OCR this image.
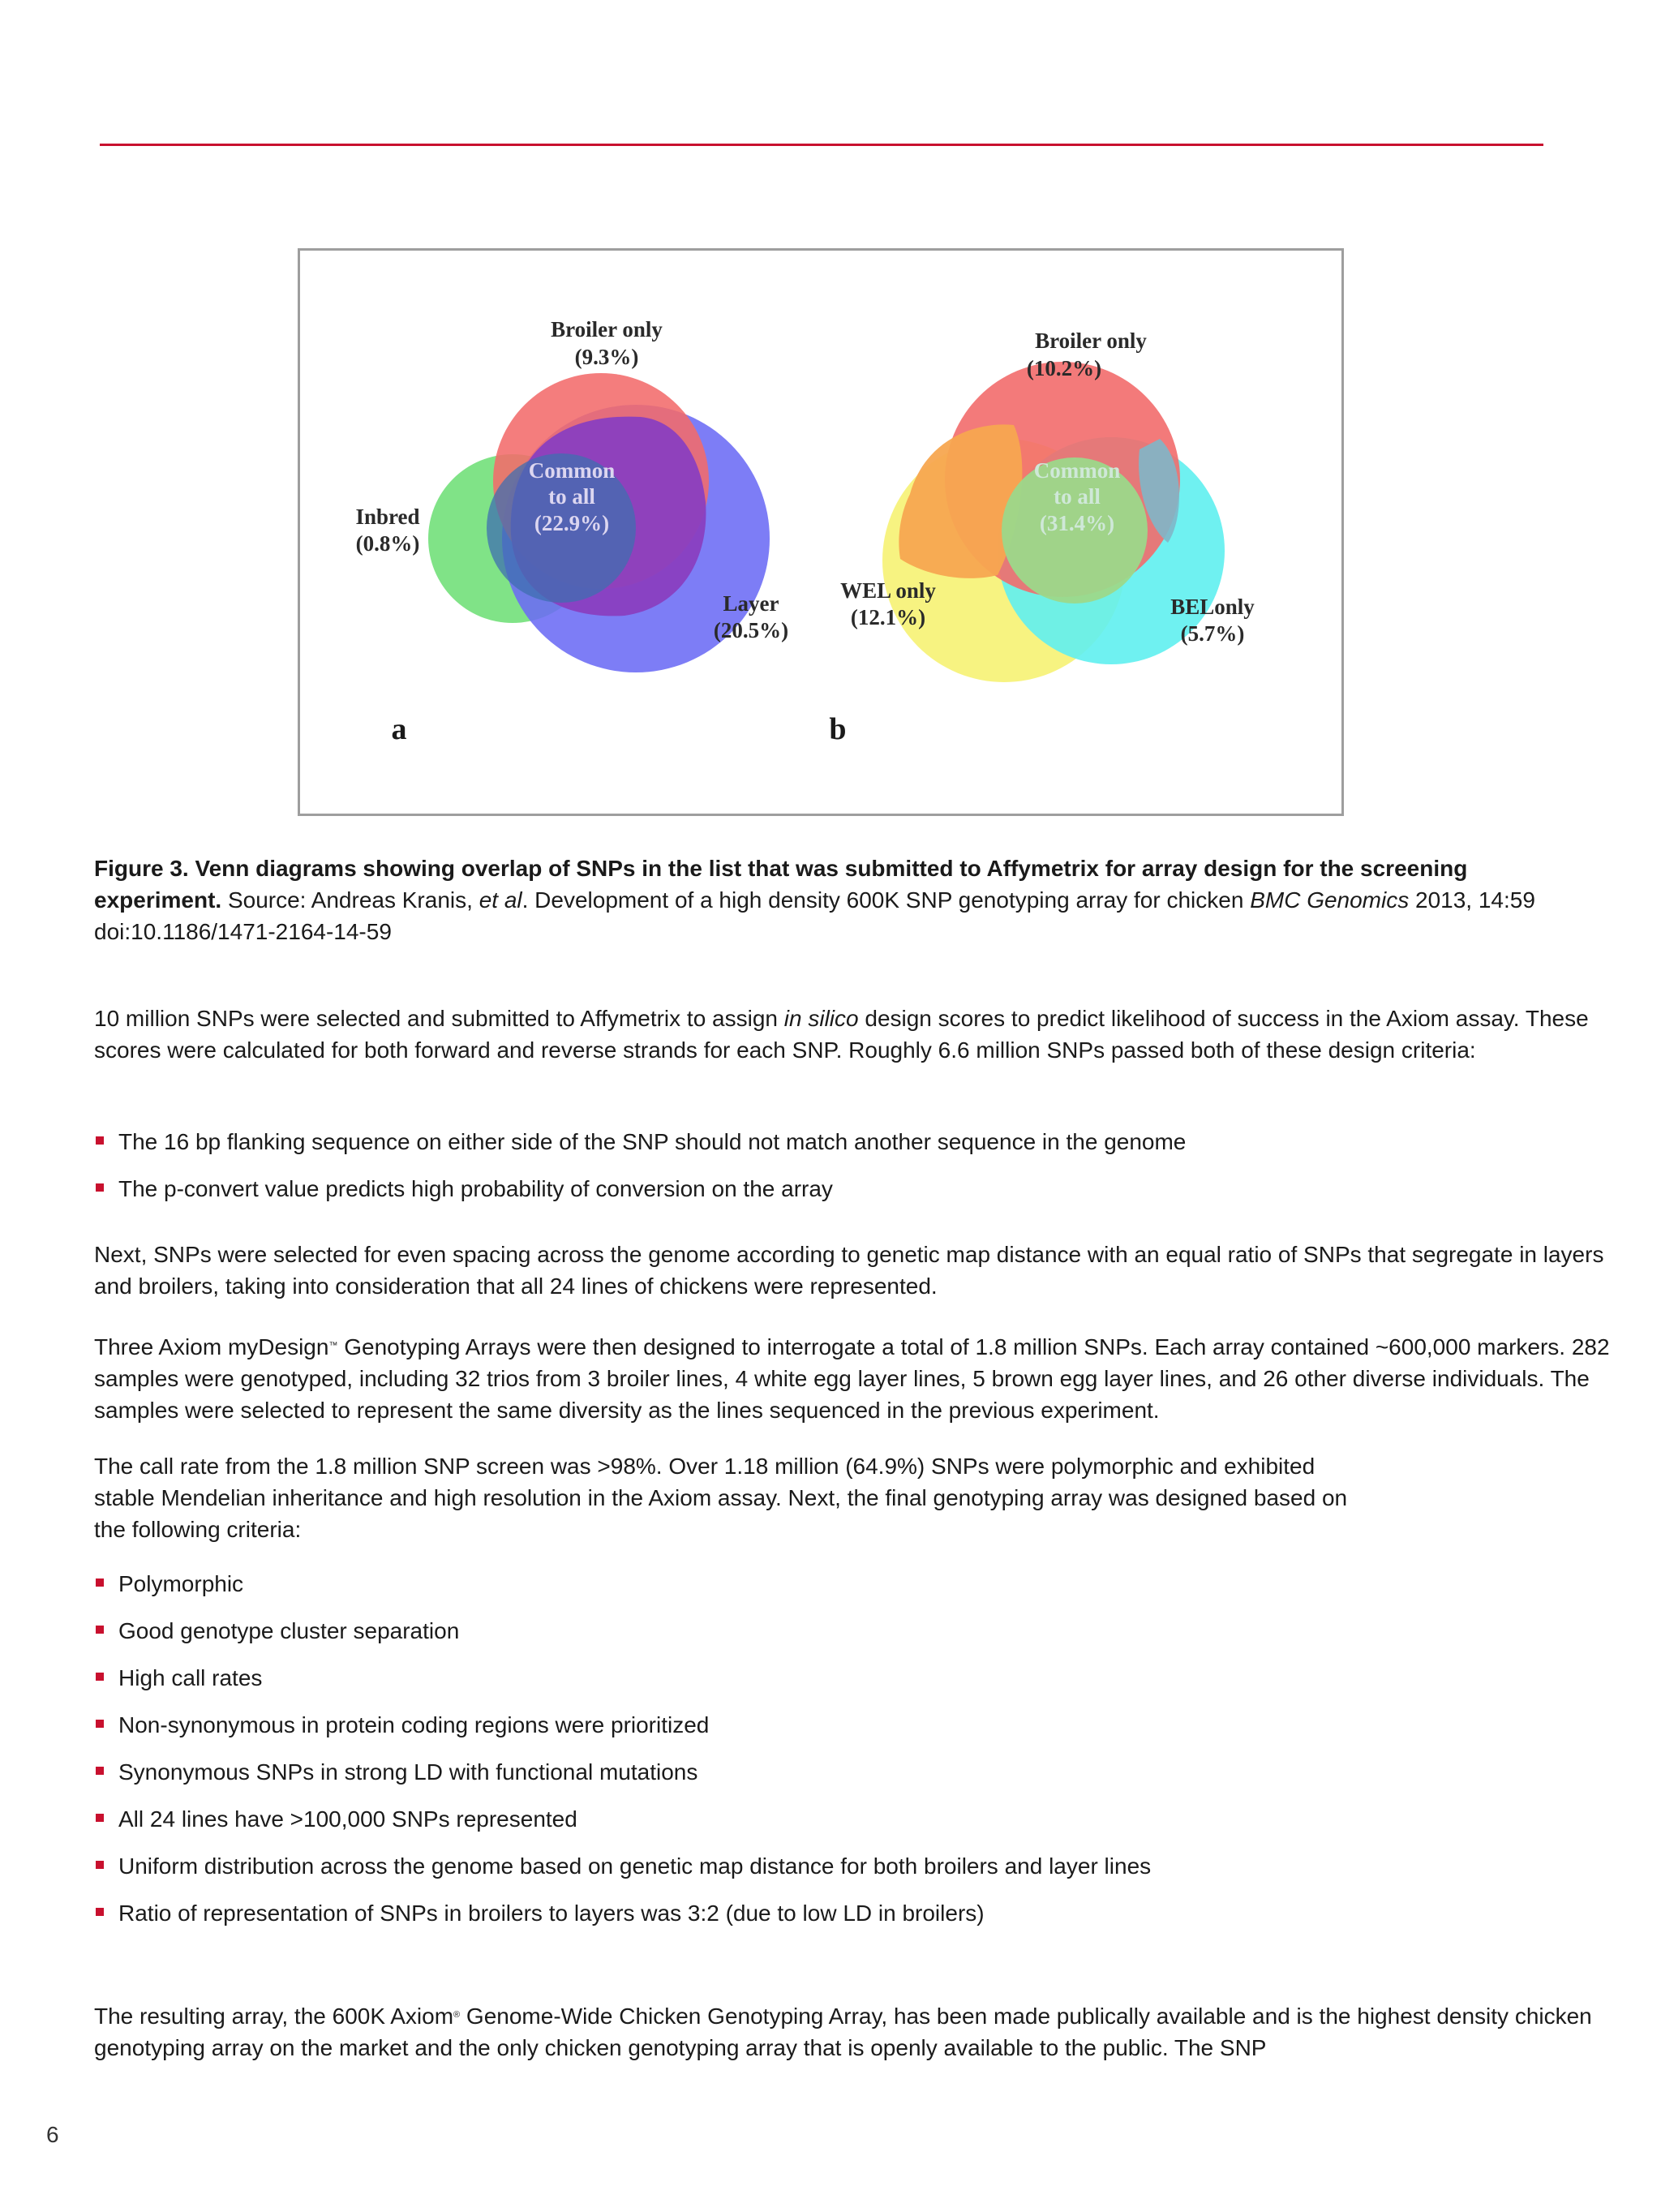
Broiler only
(9.3%)
Common
to all
(22.9%)
Inbred
(0.8%)
Layer
(20.5%)
a
Broiler only
(10.2%)
Common
to all
(31.4%)
WEL only
(12.1%)	BELonly
(5.7%)
b
Figure 3. Venn diagrams showing overlap of SNPs in the list that was submitted to Affymetrix for array design for the screening experiment. Source: Andreas Kranis, et al. Development of a high density 600K SNP genotyping array for chicken BMC Genomics 2013, 14:59 doi:10.1186/1471-2164-14-59

10 million SNPs were selected and submitted to Affymetrix to assign in silico design scores to predict likelihood of success in the Axiom assay. These scores were calculated for both forward and reverse strands for each SNP. Roughly 6.6 million SNPs passed both of these design criteria:

The 16 bp flanking sequence on either side of the SNP should not match another sequence in the genome
The p-convert value predicts high probability of conversion on the array

Next, SNPs were selected for even spacing across the genome according to genetic map distance with an equal ratio of SNPs that segregate in layers and broilers, taking into consideration that all 24 lines of chickens were represented.

Three Axiom myDesign™ Genotyping Arrays were then designed to interrogate a total of 1.8 million SNPs. Each array contained ~600,000 markers. 282 samples were genotyped, including 32 trios from 3 broiler lines, 4 white egg layer lines, 5 brown egg layer lines, and 26 other diverse individuals. The samples were selected to represent the same diversity as the lines sequenced in the previous experiment.

The call rate from the 1.8 million SNP screen was >98%. Over 1.18 million (64.9%) SNPs were polymorphic and exhibited

stable Mendelian inheritance and high resolution in the Axiom assay. Next, the final genotyping array was designed based on

the following criteria:

Polymorphic
Good genotype cluster separation
High call rates
Non-synonymous in protein coding regions were prioritized
Synonymous SNPs in strong LD with functional mutations
All 24 lines have >100,000 SNPs represented
Uniform distribution across the genome based on genetic map distance for both broilers and layer lines
Ratio of representation of SNPs in broilers to layers was 3:2 (due to low LD in broilers)

The resulting array, the 600K Axiom® Genome-Wide Chicken Genotyping Array, has been made publically available and is the highest density chicken genotyping array on the market and the only chicken genotyping array that is openly available to the public. The SNP

6
